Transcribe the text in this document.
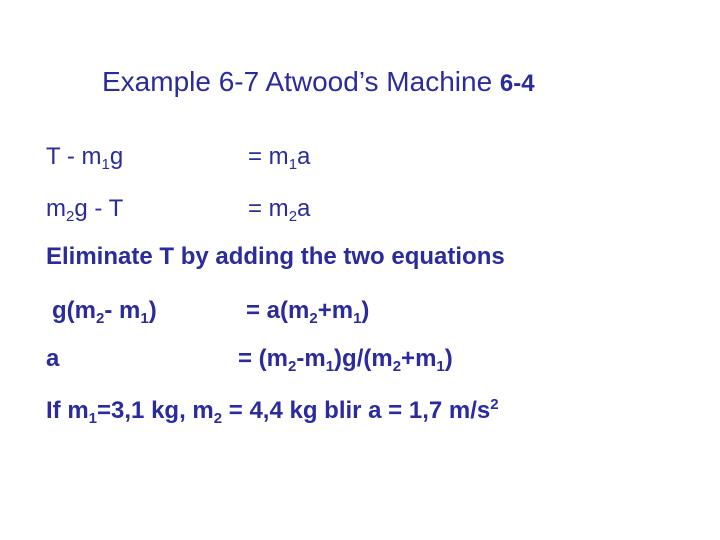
Example 6-7 Atwood’s Machine 6-4
T - $m_1g$	= $m_1a$
$m_2g$ - T	= $m_2a$
Eliminate T by adding the two equations
$g(m_2-$ $m_1$)	= $a(m_2+m_1)$
a	= $(m_2-m_1)g/(m_2+m_1)$
If $m_1=3,1$ kg, $m_2 = 4,4$ kg blir a = 1,7 $m/s^2$
